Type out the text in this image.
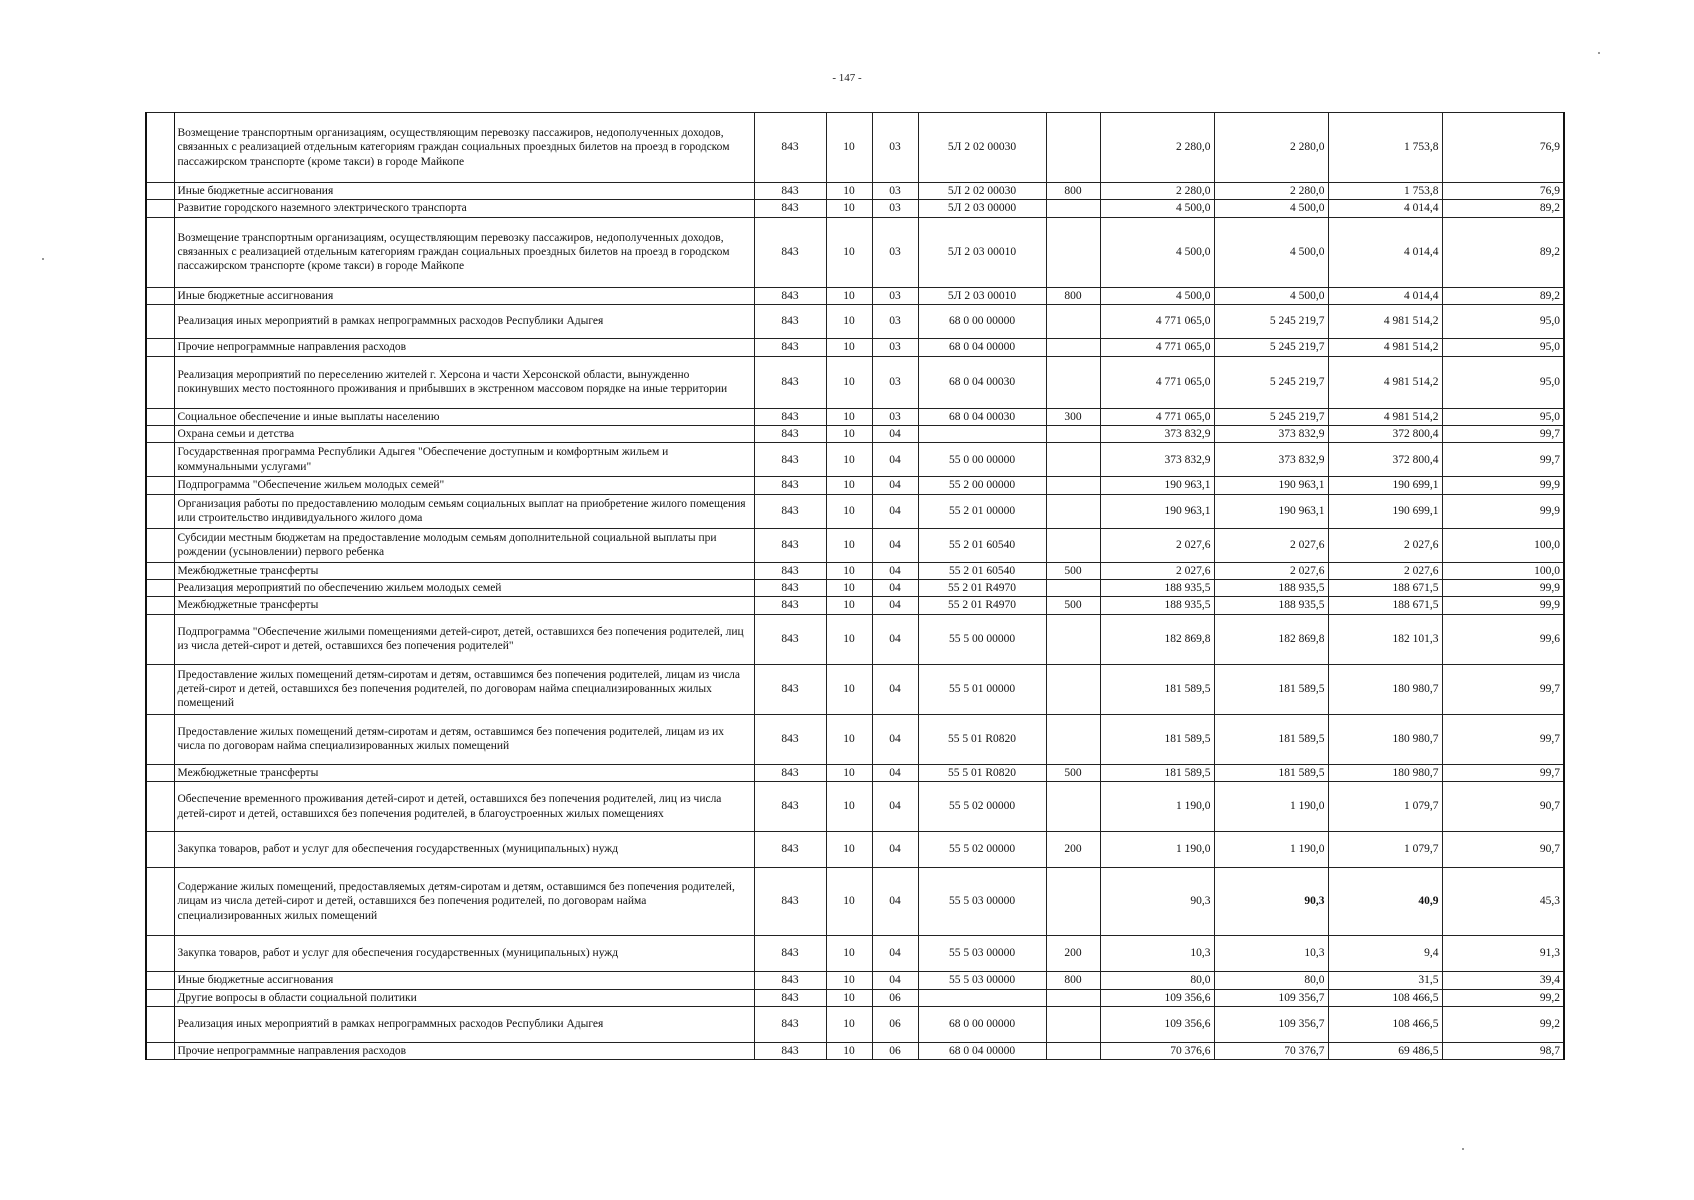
- 147 -
	Возмещение транспортным организациям, осуществляющим перевозку пассажиров, недополученных доходов, связанных с реализацией отдельным категориям граждан социальных проездных билетов на проезд в городском пассажирском транспорте (кроме такси) в городе Майкопе	843	10	03	5Л 2 02 00030		2 280,0	2 280,0	1 753,8	76,9
	Иные бюджетные ассигнования	843	10	03	5Л 2 02 00030	800	2 280,0	2 280,0	1 753,8	76,9
	Развитие городского наземного электрического транспорта	843	10	03	5Л 2 03 00000		4 500,0	4 500,0	4 014,4	89,2
	Возмещение транспортным организациям, осуществляющим перевозку пассажиров, недополученных доходов, связанных с реализацией отдельным категориям граждан социальных проездных билетов на проезд в городском пассажирском транспорте (кроме такси) в городе Майкопе	843	10	03	5Л 2 03 00010		4 500,0	4 500,0	4 014,4	89,2
	Иные бюджетные ассигнования	843	10	03	5Л 2 03 00010	800	4 500,0	4 500,0	4 014,4	89,2
	Реализация иных мероприятий в рамках непрограммных расходов Республики Адыгея	843	10	03	68 0 00 00000		4 771 065,0	5 245 219,7	4 981 514,2	95,0
	Прочие непрограммные направления расходов	843	10	03	68 0 04 00000		4 771 065,0	5 245 219,7	4 981 514,2	95,0
	Реализация мероприятий по переселению жителей г. Херсона и части Херсонской области, вынужденно покинувших место постоянного проживания и прибывших в экстренном массовом порядке на иные территории	843	10	03	68 0 04 00030		4 771 065,0	5 245 219,7	4 981 514,2	95,0
	Социальное обеспечение и иные выплаты населению	843	10	03	68 0 04 00030	300	4 771 065,0	5 245 219,7	4 981 514,2	95,0
	Охрана семьи и детства	843	10	04			373 832,9	373 832,9	372 800,4	99,7
	Государственная программа Республики Адыгея "Обеспечение доступным и комфортным жильем и коммунальными услугами"	843	10	04	55 0 00 00000		373 832,9	373 832,9	372 800,4	99,7
	Подпрограмма "Обеспечение жильем молодых семей"	843	10	04	55 2 00 00000		190 963,1	190 963,1	190 699,1	99,9
	Организация работы по предоставлению молодым семьям социальных выплат на приобретение жилого помещения или строительство индивидуального жилого дома	843	10	04	55 2 01 00000		190 963,1	190 963,1	190 699,1	99,9
	Субсидии местным бюджетам на предоставление молодым семьям дополнительной социальной выплаты при рождении (усыновлении) первого ребенка	843	10	04	55 2 01 60540		2 027,6	2 027,6	2 027,6	100,0
	Межбюджетные трансферты	843	10	04	55 2 01 60540	500	2 027,6	2 027,6	2 027,6	100,0
	Реализация мероприятий по обеспечению жильем молодых семей	843	10	04	55 2 01 R4970		188 935,5	188 935,5	188 671,5	99,9
	Межбюджетные трансферты	843	10	04	55 2 01 R4970	500	188 935,5	188 935,5	188 671,5	99,9
	Подпрограмма "Обеспечение жилыми помещениями детей-сирот, детей, оставшихся без попечения родителей, лиц из числа детей-сирот и детей, оставшихся без попечения родителей"	843	10	04	55 5 00 00000		182 869,8	182 869,8	182 101,3	99,6
	Предоставление жилых помещений детям-сиротам и детям, оставшимся без попечения родителей, лицам из числа детей-сирот и детей, оставшихся без попечения родителей, по договорам найма специализированных жилых помещений	843	10	04	55 5 01 00000		181 589,5	181 589,5	180 980,7	99,7
	Предоставление жилых помещений детям-сиротам и детям, оставшимся без попечения родителей, лицам из их числа по договорам найма специализированных жилых помещений	843	10	04	55 5 01 R0820		181 589,5	181 589,5	180 980,7	99,7
	Межбюджетные трансферты	843	10	04	55 5 01 R0820	500	181 589,5	181 589,5	180 980,7	99,7
	Обеспечение временного проживания детей-сирот и детей, оставшихся без попечения родителей, лиц из числа детей-сирот и детей, оставшихся без попечения родителей, в благоустроенных жилых помещениях	843	10	04	55 5 02 00000		1 190,0	1 190,0	1 079,7	90,7
	Закупка товаров, работ и услуг для обеспечения государственных (муниципальных) нужд	843	10	04	55 5 02 00000	200	1 190,0	1 190,0	1 079,7	90,7
	Содержание жилых помещений, предоставляемых детям-сиротам и детям, оставшимся без попечения родителей, лицам из числа детей-сирот и детей, оставшихся без попечения родителей, по договорам найма специализированных жилых помещений	843	10	04	55 5 03 00000		90,3	90,3	40,9	45,3
	Закупка товаров, работ и услуг для обеспечения государственных (муниципальных) нужд	843	10	04	55 5 03 00000	200	10,3	10,3	9,4	91,3
	Иные бюджетные ассигнования	843	10	04	55 5 03 00000	800	80,0	80,0	31,5	39,4
	Другие вопросы в области социальной политики	843	10	06			109 356,6	109 356,7	108 466,5	99,2
	Реализация иных мероприятий в рамках непрограммных расходов Республики Адыгея	843	10	06	68 0 00 00000		109 356,6	109 356,7	108 466,5	99,2
	Прочие непрограммные направления расходов	843	10	06	68 0 04 00000		70 376,6	70 376,7	69 486,5	98,7
